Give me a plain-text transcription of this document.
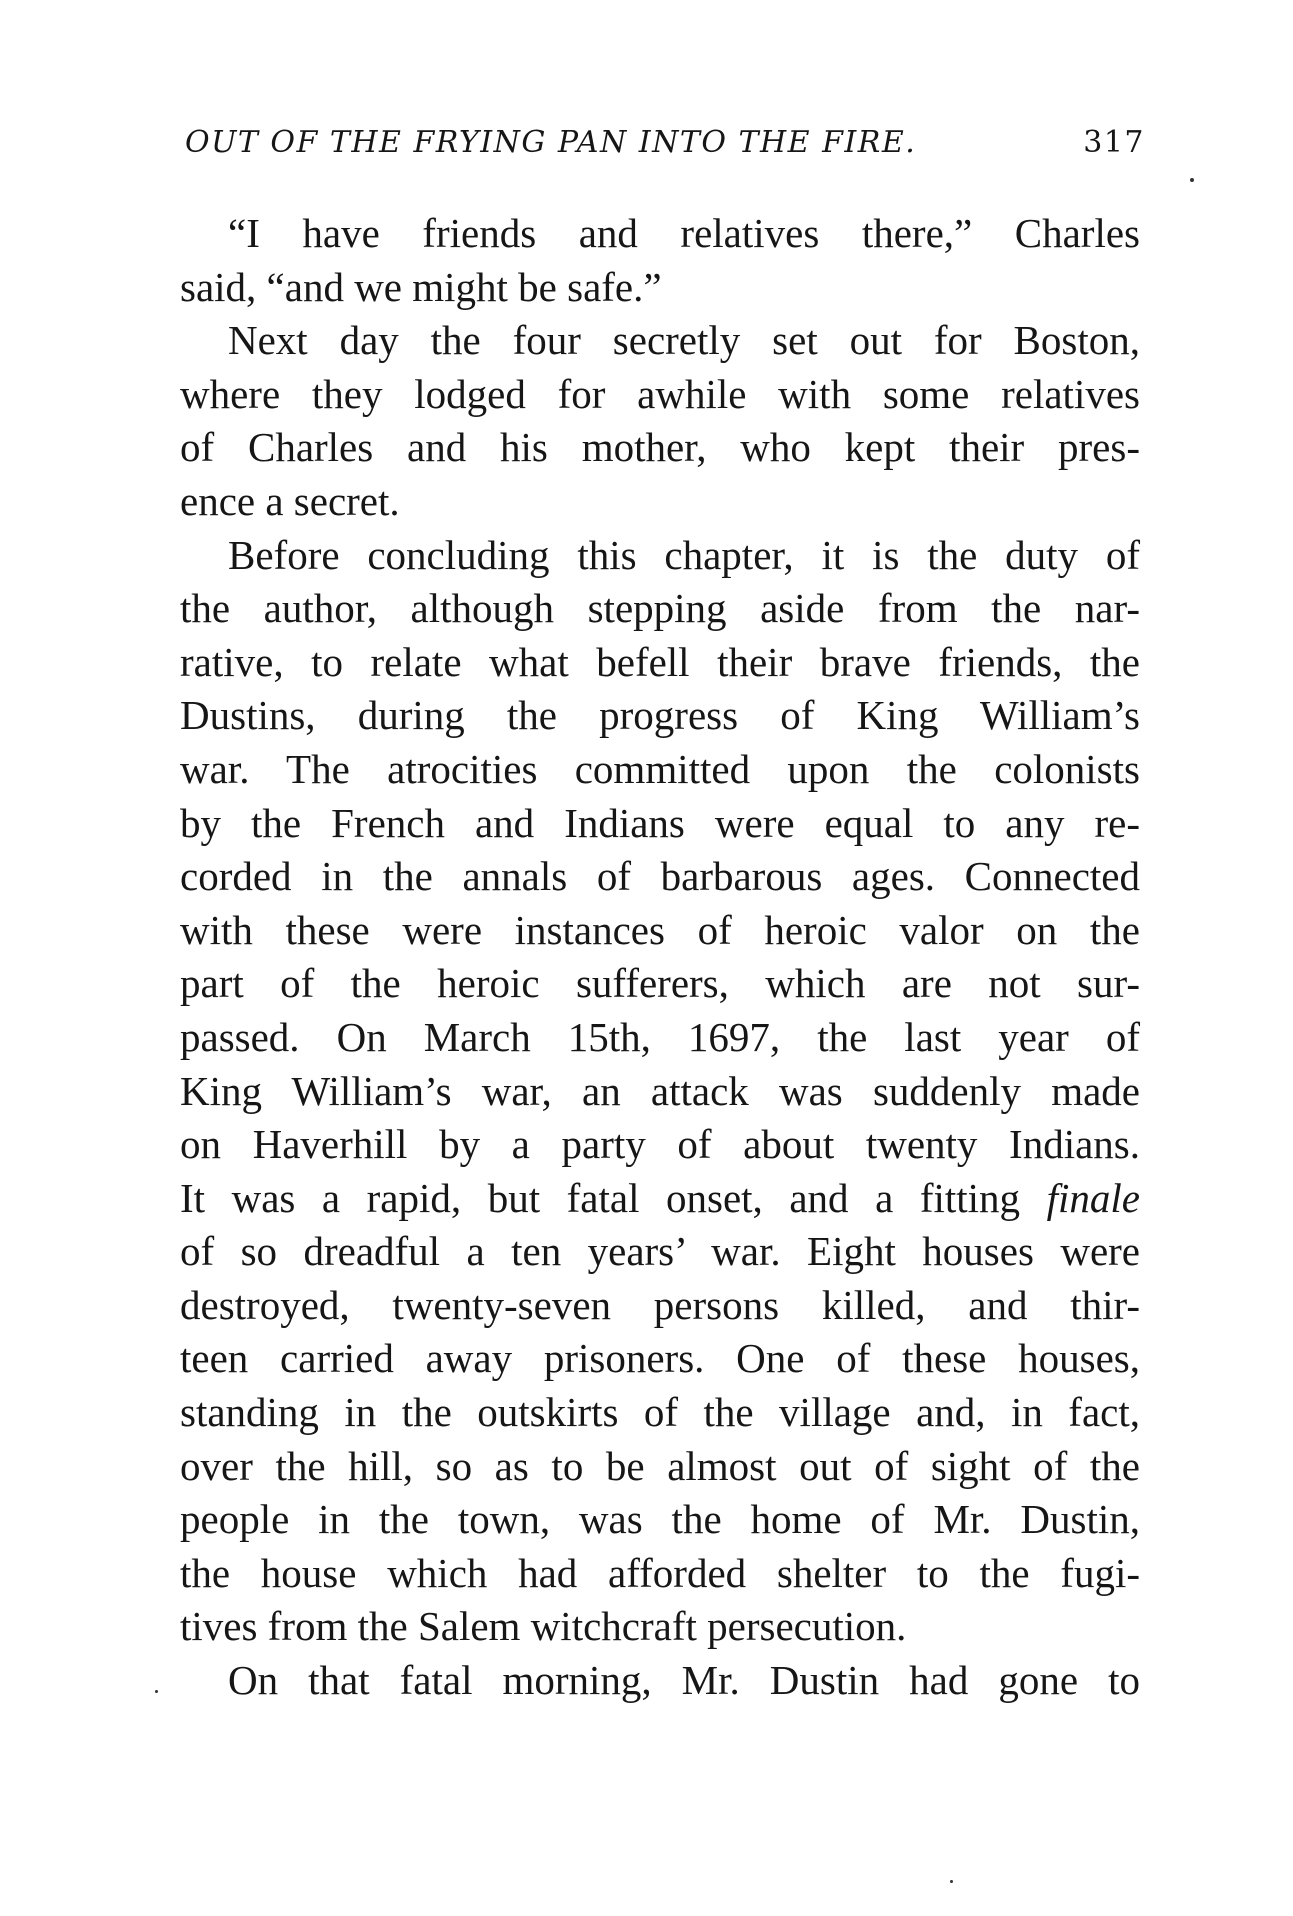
OUT OF THE FRYING PAN INTO THE FIRE.	317
“I have friends and relatives there,” Charles
said, “and we might be safe.”
Next day the four secretly set out for Boston,
where they lodged for awhile with some relatives
of Charles and his mother, who kept their pres-
ence a secret.
Before concluding this chapter, it is the duty of
the author, although stepping aside from the nar-
rative, to relate what befell their brave friends, the
Dustins, during the progress of King William’s
war. The atrocities committed upon the colonists
by the French and Indians were equal to any re-
corded in the annals of barbarous ages. Connected
with these were instances of heroic valor on the
part of the heroic sufferers, which are not sur-
passed. On March 15th, 1697, the last year of
King William’s war, an attack was suddenly made
on Haverhill by a party of about twenty Indians.
It was a rapid, but fatal onset, and a fitting finale
of so dreadful a ten years’ war. Eight houses were
destroyed, twenty-seven persons killed, and thir-
teen carried away prisoners. One of these houses,
standing in the outskirts of the village and, in fact,
over the hill, so as to be almost out of sight of the
people in the town, was the home of Mr. Dustin,
the house which had afforded shelter to the fugi-
tives from the Salem witchcraft persecution.
On that fatal morning, Mr. Dustin had gone to
